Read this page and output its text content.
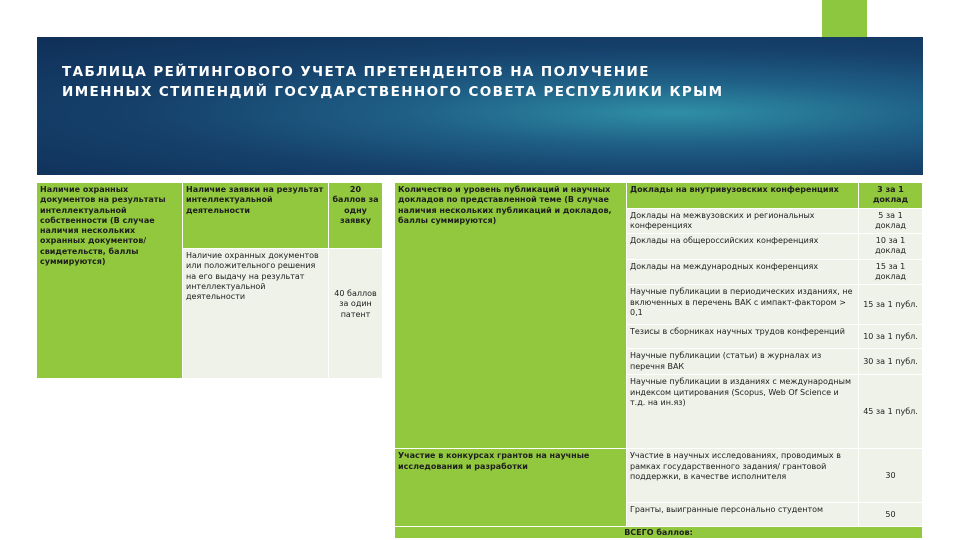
ТАБЛИЦА РЕЙТИНГОВОГО УЧЕТА ПРЕТЕНДЕНТОВ НА ПОЛУЧЕНИЕ ИМЕННЫХ СТИПЕНДИЙ ГОСУДАРСТВЕННОГО СОВЕТА РЕСПУБЛИКИ КРЫМ
Наличие охранных документов на результаты интеллектуальной собственности (В случае наличия нескольких охранных документов/свидетельств, баллы суммируются)	Наличие заявки на результат интеллектуальной деятельности	20 баллов за одну заявку
	Наличие охранных документов или положительного решения на его выдачу на результат интеллектуальной деятельности	40 баллов за один патент
Количество и уровень публикаций и научных докладов по представленной теме (В случае наличия нескольких публикаций и докладов, баллы суммируются)	Доклады на внутривузовских конференциях	3 за 1 доклад
	Доклады на межвузовских и региональных конференциях	5 за 1 доклад
	Доклады на общероссийских конференциях	10 за 1 доклад
	Доклады на международных конференциях	15 за 1 доклад
	Научные публикации в периодических изданиях, не включенных в перечень ВАК с импакт-фактором > 0,1	15 за 1 публ.
	Тезисы в сборниках научных трудов конференций	10 за 1 публ.
	Научные публикации (статьи) в журналах из перечня ВАК	30 за 1 публ.
	Научные публикации в изданиях с международным индексом цитирования (Scopus, Web Of Science и т.д. на ин.яз)	45 за 1 публ.
Участие в конкурсах грантов на научные исследования и разработки	Участие в научных исследованиях, проводимых в рамках государственного задания/ грантовой поддержки, в качестве исполнителя	30
	Гранты, выигранные персонально студентом	50
ВСЕГО баллов:		
